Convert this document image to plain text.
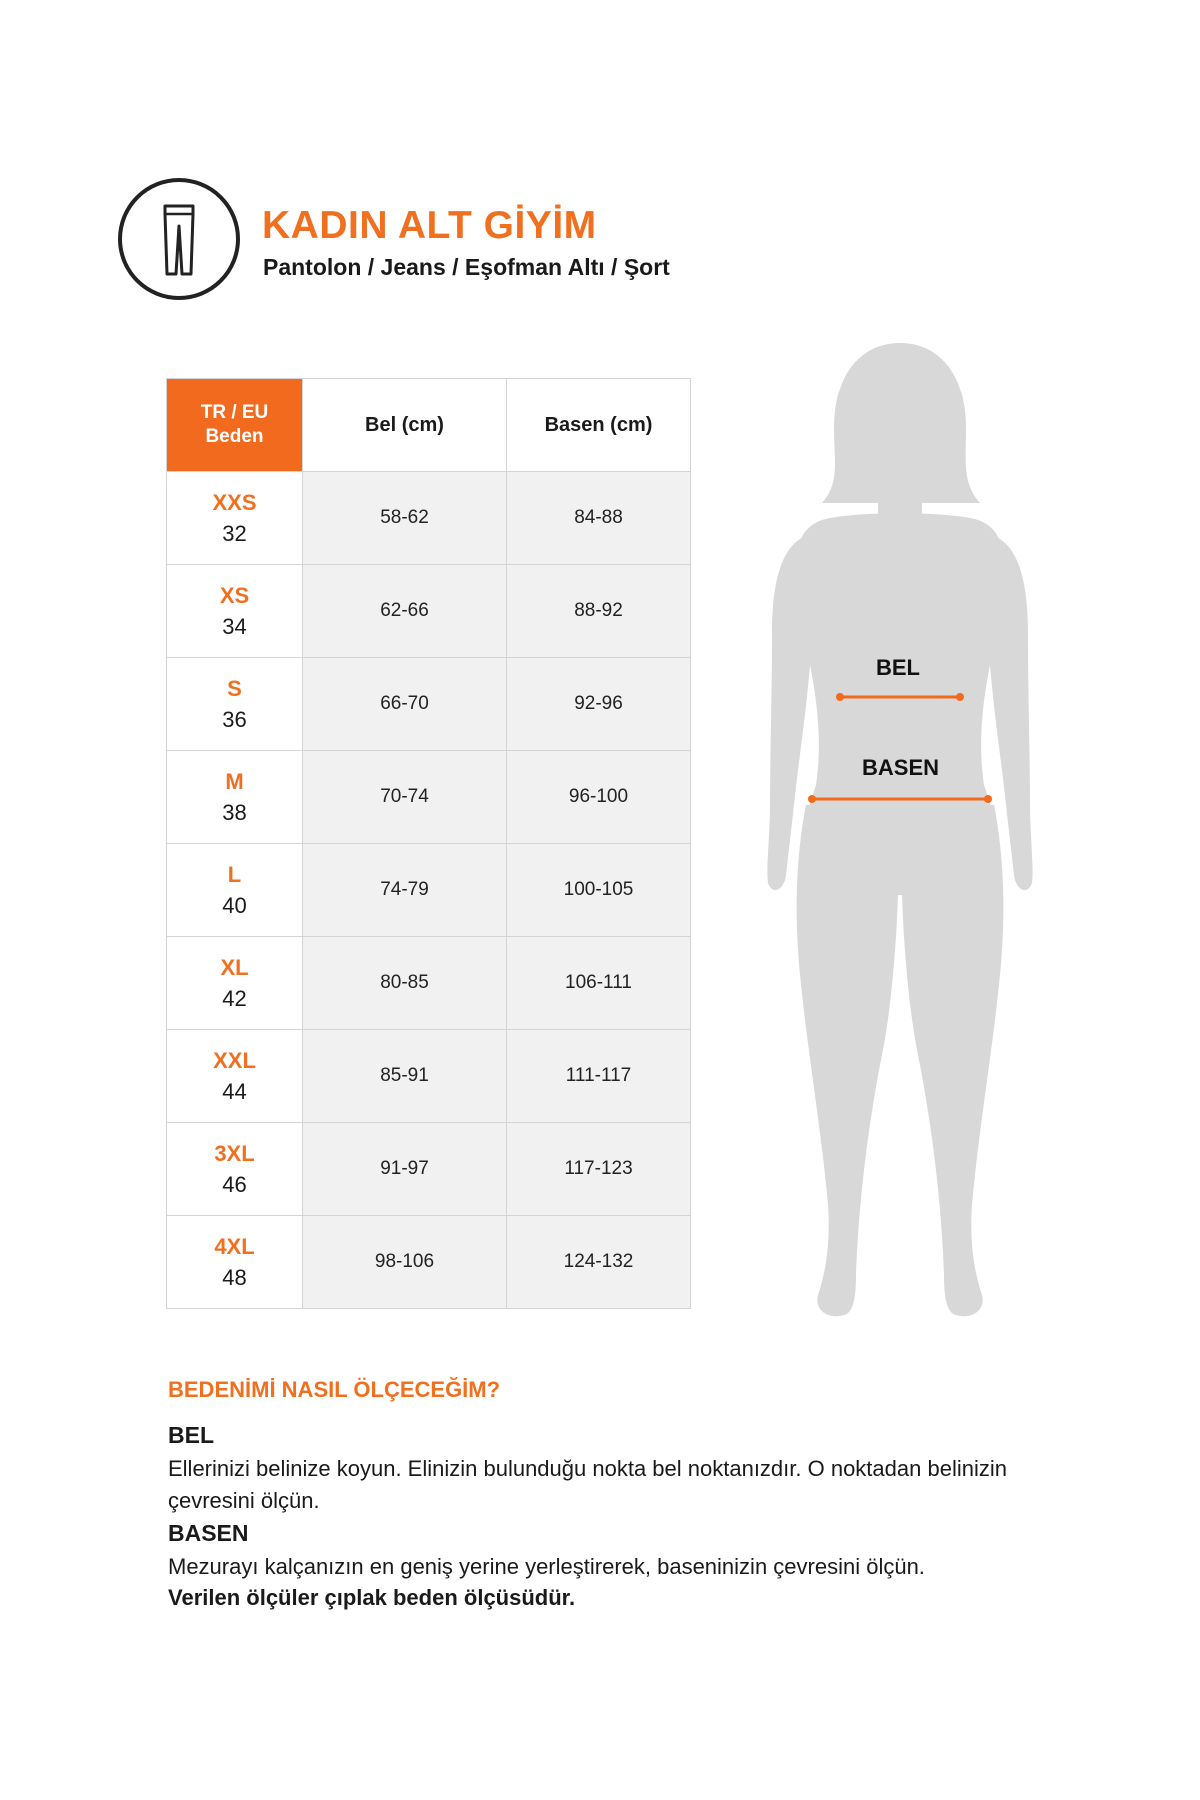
KADIN ALT GİYİM
Pantolon / Jeans / Eşofman Altı / Şort
TR / EU
Beden	Bel (cm)	Basen (cm)

XXS
32	58-62	84-88

XS
34	62-66	88-92

S
36	66-70	92-96

M
38	70-74	96-100

L
40	74-79	100-105

XL
42	80-85	106-111

XXL
44	85-91	111-117

3XL
46	91-97	117-123

4XL
48	98-106	124-132
BEL
BASEN
BEDENİMİ NASIL ÖLÇECEĞİM?
BEL
Ellerinizi belinize koyun. Elinizin bulunduğu nokta bel noktanızdır. O noktadan belinizin çevresini ölçün.
BASEN
Mezurayı kalçanızın en geniş yerine yerleştirerek, baseninizin çevresini ölçün.
Verilen ölçüler çıplak beden ölçüsüdür.
